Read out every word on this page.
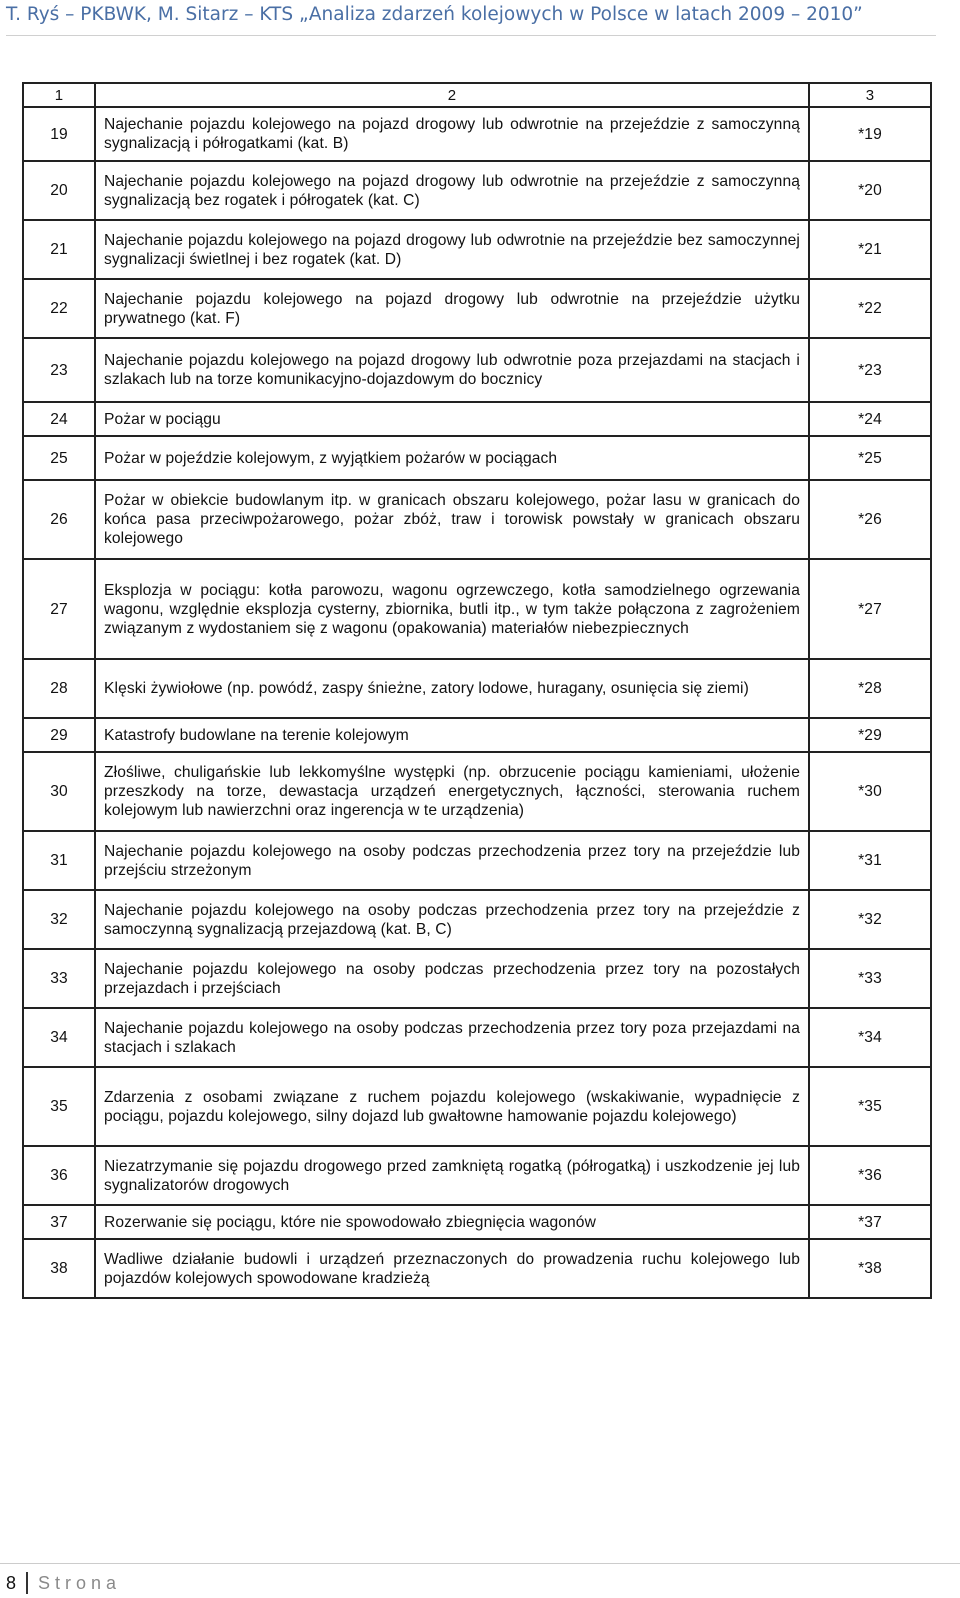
T. Ryś – PKBWK, M. Sitarz – KTS „Analiza zdarzeń kolejowych w Polsce w latach 2009 – 2010”
1	2	3
19	Najechanie pojazdu kolejowego na pojazd drogowy lub odwrotnie na przejeździe z samoczynną sygnalizacją i półrogatkami (kat. B)	*19
20	Najechanie pojazdu kolejowego na pojazd drogowy lub odwrotnie na przejeździe z samoczynną sygnalizacją bez rogatek i półrogatek (kat. C)	*20
21	Najechanie pojazdu kolejowego na pojazd drogowy lub odwrotnie na przejeździe bez samoczynnej sygnalizacji świetlnej i bez rogatek (kat. D)	*21
22	Najechanie pojazdu kolejowego na pojazd drogowy lub odwrotnie na przejeździe użytku prywatnego (kat. F)	*22
23	Najechanie pojazdu kolejowego na pojazd drogowy lub odwrotnie poza przejazdami na stacjach i szlakach lub na torze komunikacyjno-dojazdowym do bocznicy	*23
24	Pożar w pociągu	*24
25	Pożar w pojeździe kolejowym, z wyjątkiem pożarów w pociągach	*25
26	Pożar w obiekcie budowlanym itp. w granicach obszaru kolejowego, pożar lasu w granicach do końca pasa przeciwpożarowego, pożar zbóż, traw i torowisk powstały w granicach obszaru kolejowego	*26
27	Eksplozja w pociągu: kotła parowozu, wagonu ogrzewczego, kotła samodzielnego ogrzewania wagonu, względnie eksplozja cysterny, zbiornika, butli itp., w tym także połączona z zagrożeniem związanym z wydostaniem się z wagonu (opakowania) materiałów niebezpiecznych	*27
28	Klęski żywiołowe (np. powódź, zaspy śnieżne, zatory lodowe, huragany, osunięcia się ziemi)	*28
29	Katastrofy budowlane na terenie kolejowym	*29
30	Złośliwe, chuligańskie lub lekkomyślne występki (np. obrzucenie pociągu kamieniami, ułożenie przeszkody na torze, dewastacja urządzeń energetycznych, łączności, sterowania ruchem kolejowym lub nawierzchni oraz ingerencja w te urządzenia)	*30
31	Najechanie pojazdu kolejowego na osoby podczas przechodzenia przez tory na przejeździe lub przejściu strzeżonym	*31
32	Najechanie pojazdu kolejowego na osoby podczas przechodzenia przez tory na przejeździe z samoczynną sygnalizacją przejazdową (kat. B, C)	*32
33	Najechanie pojazdu kolejowego na osoby podczas przechodzenia przez tory na pozostałych przejazdach i przejściach	*33
34	Najechanie pojazdu kolejowego na osoby podczas przechodzenia przez tory poza przejazdami na stacjach i szlakach	*34
35	Zdarzenia z osobami związane z ruchem pojazdu kolejowego (wskakiwanie, wypadnięcie z pociągu, pojazdu kolejowego, silny dojazd lub gwałtowne hamowanie pojazdu kolejowego)	*35
36	Niezatrzymanie się pojazdu drogowego przed zamkniętą rogatką (półrogatką) i uszkodzenie jej lub sygnalizatorów drogowych	*36
37	Rozerwanie się pociągu, które nie spowodowało zbiegnięcia wagonów	*37
38	Wadliwe działanie budowli i urządzeń przeznaczonych do prowadzenia ruchu kolejowego lub pojazdów kolejowych spowodowane kradzieżą	*38
8 Strona
